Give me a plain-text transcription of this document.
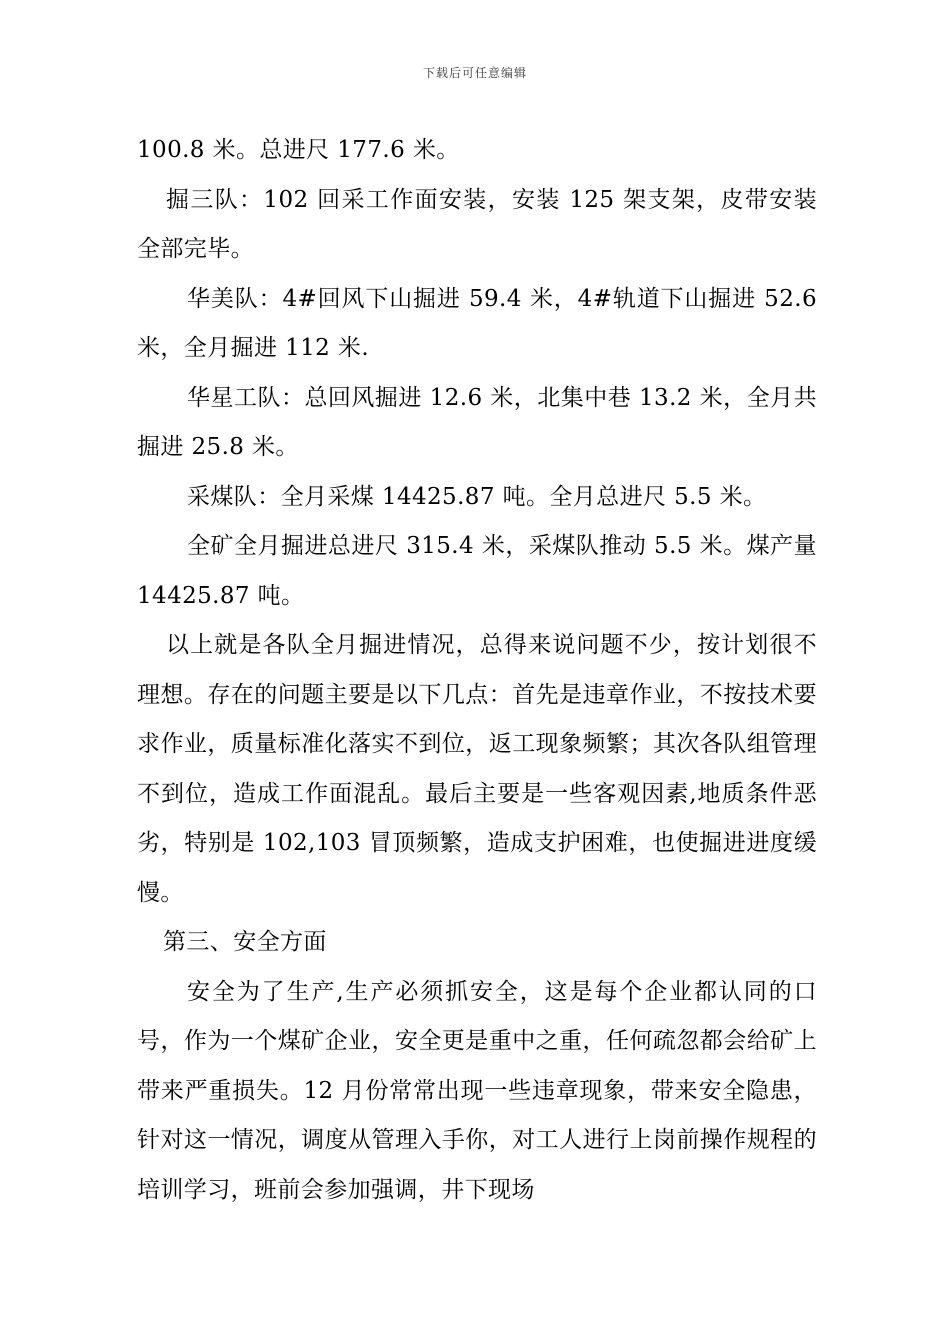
下载后可任意编辑

100.8 米。总进尺 177.6 米。

掘三队：102 回采工作面安装，安装 125 架支架，皮带安装全部完毕。

华美队：4#回风下山掘进 59.4 米，4#轨道下山掘进 52.6 米，全月掘进 112 米.

华星工队：总回风掘进 12.6 米，北集中巷 13.2 米，全月共掘进 25.8 米。

采煤队：全月采煤 14425.87 吨。全月总进尺 5.5 米。

全矿全月掘进总进尺 315.4 米，采煤队推动 5.5 米。煤产量 14425.87 吨。

以上就是各队全月掘进情况，总得来说问题不少，按计划很不理想。存在的问题主要是以下几点：首先是违章作业，不按技术要求作业，质量标准化落实不到位，返工现象频繁；其次各队组管理不到位，造成工作面混乱。最后主要是一些客观因素,地质条件恶劣，特别是 102,103 冒顶频繁，造成支护困难，也使掘进进度缓慢。

第三、安全方面

安全为了生产,生产必须抓安全，这是每个企业都认同的口号，作为一个煤矿企业，安全更是重中之重，任何疏忽都会给矿上带来严重损失。12 月份常常出现一些违章现象，带来安全隐患，针对这一情况，调度从管理入手你，对工人进行上岗前操作规程的培训学习，班前会参加强调，井下现场
